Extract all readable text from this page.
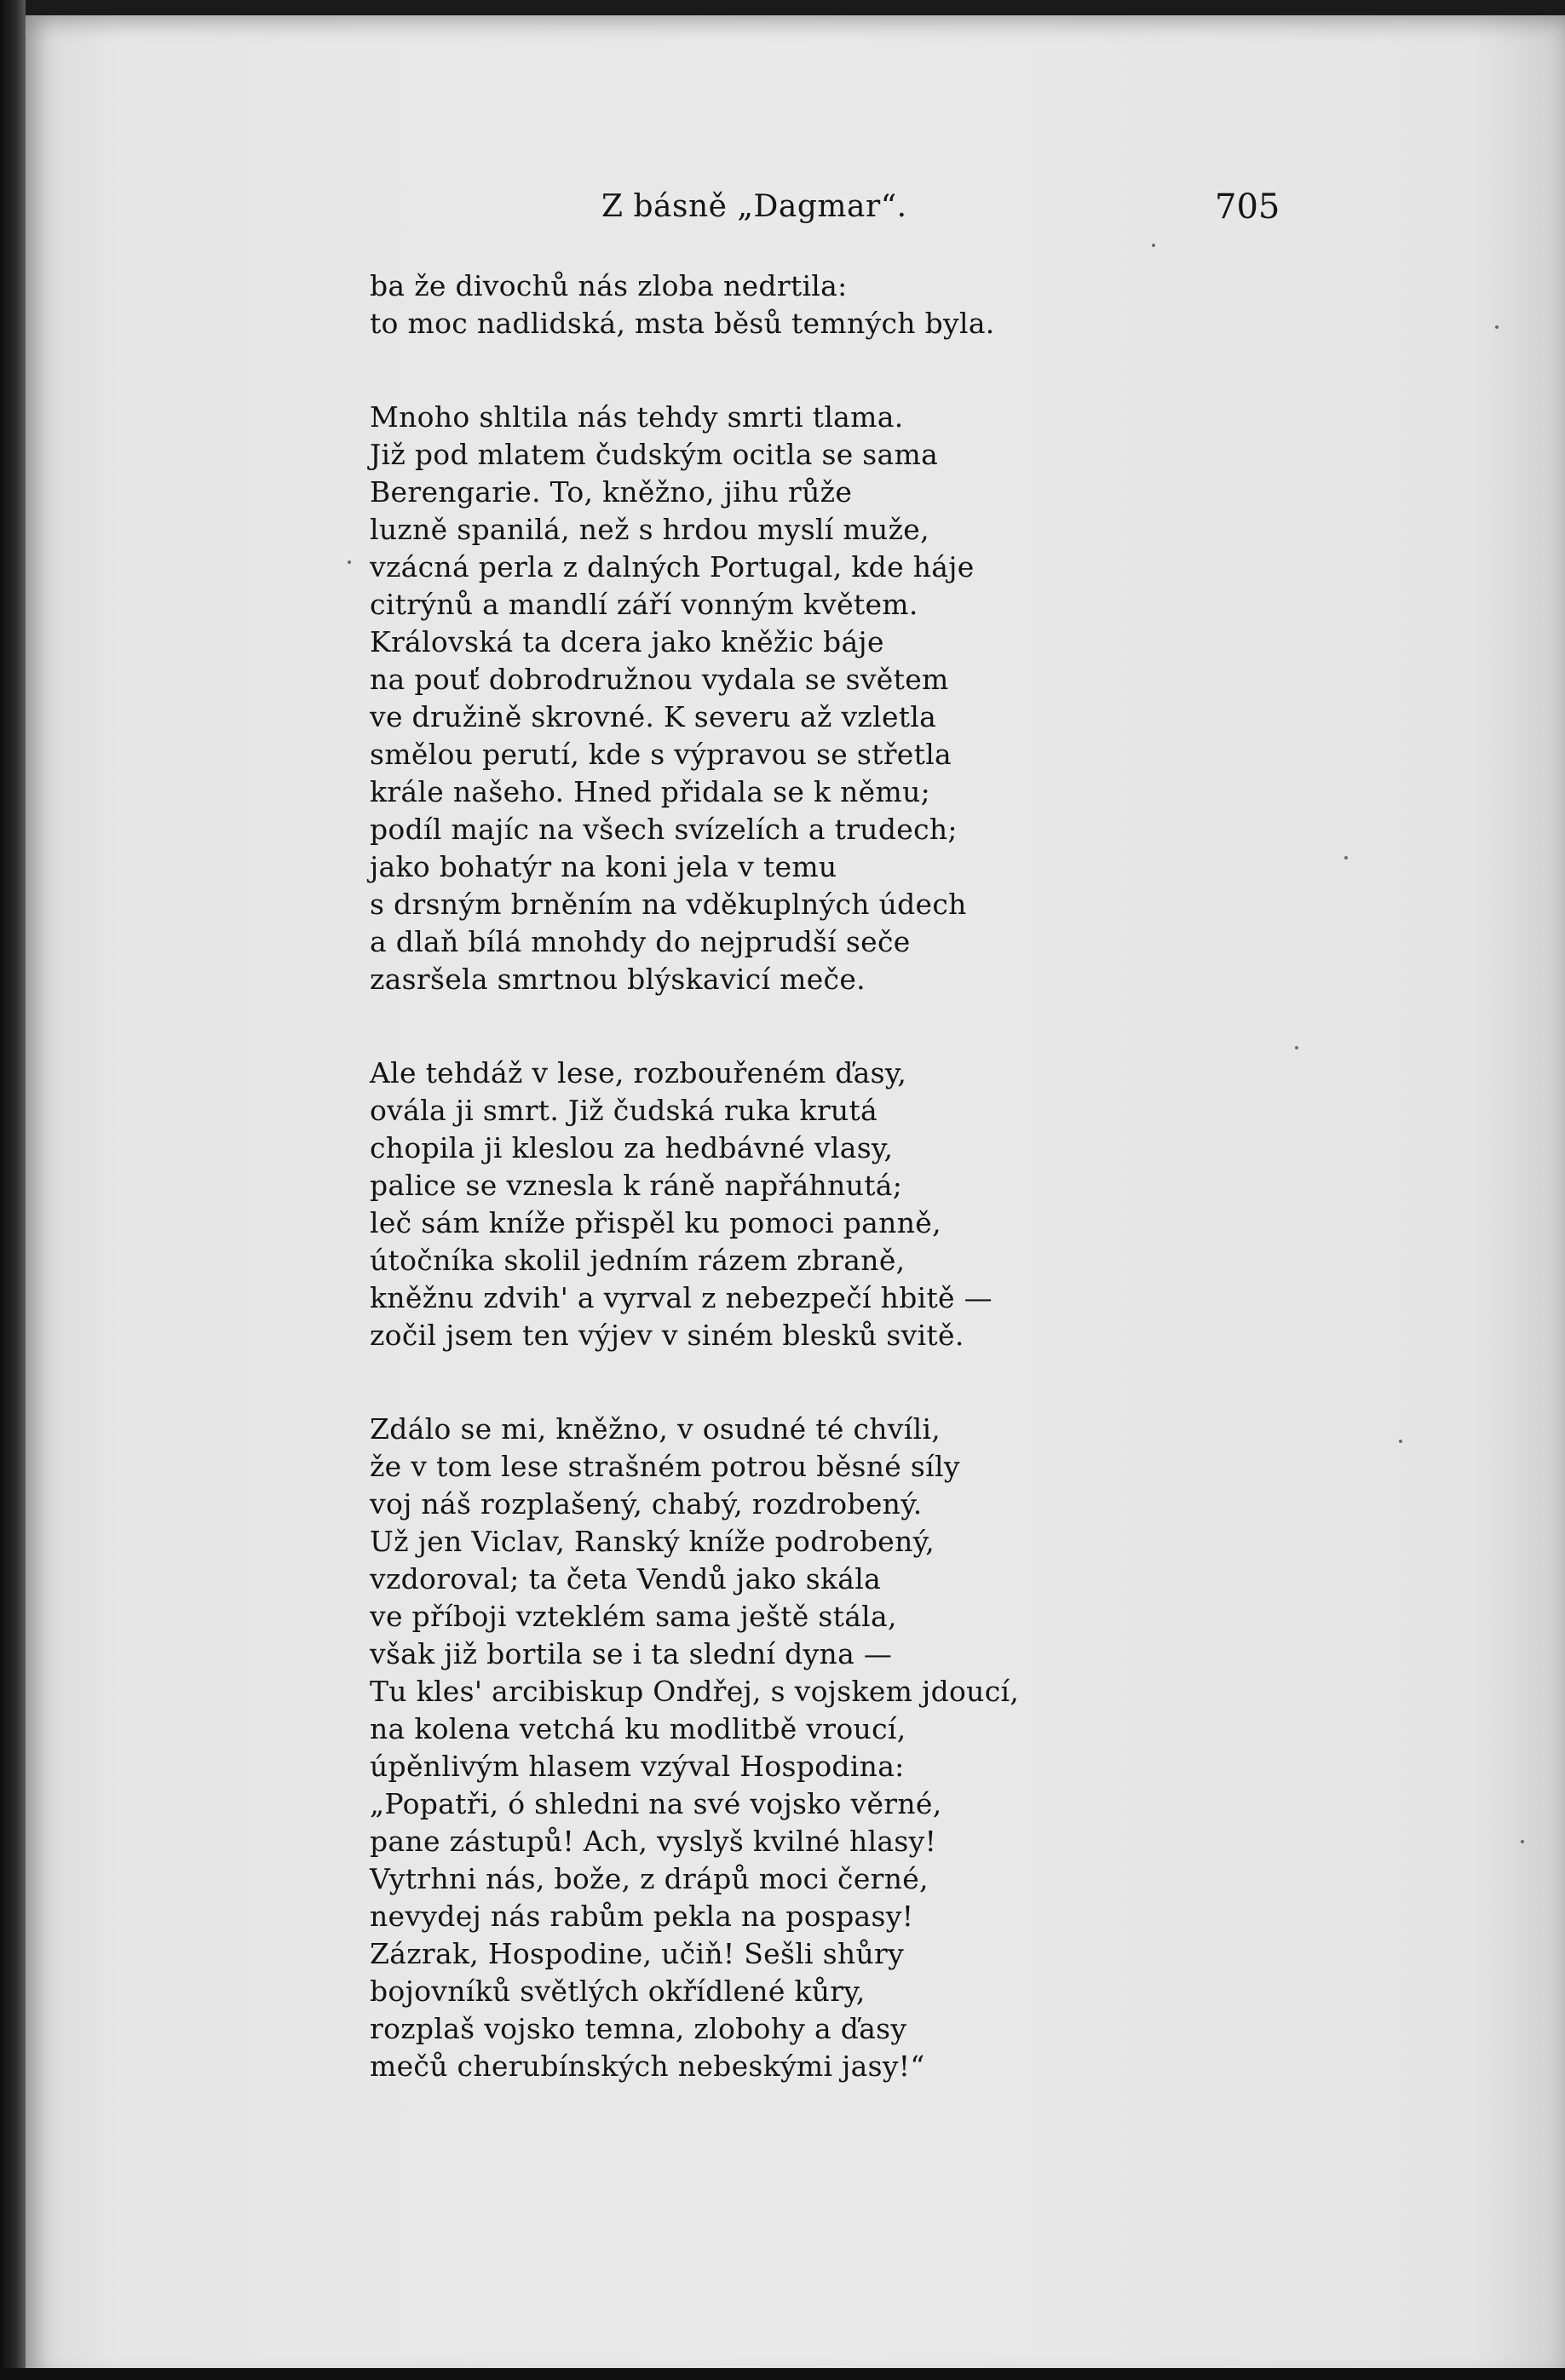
Z básně „Dagmar“.	705
ba že divochů nás zloba nedrtila:
to moc nadlidská, msta běsů temných byla.
Mnoho shltila nás tehdy smrti tlama.
Již pod mlatem čudským ocitla se sama
Berengarie. To, kněžno, jihu růže
luzně spanilá, než s hrdou myslí muže,
vzácná perla z dalných Portugal, kde háje
citrýnů a mandlí září vonným květem.
Královská ta dcera jako kněžic báje
na pouť dobrodružnou vydala se světem
ve družině skrovné. K severu až vzletla
smělou perutí, kde s výpravou se střetla
krále našeho. Hned přidala se k němu;
podíl majíc na všech svízelích a trudech;
jako bohatýr na koni jela v temu
s drsným brněním na vděkuplných údech
a dlaň bílá mnohdy do nejprudší seče
zasršela smrtnou blýskavicí meče.
Ale tehdáž v lese, rozbouřeném ďasy,
ovála ji smrt. Již čudská ruka krutá
chopila ji kleslou za hedbávné vlasy,
palice se vznesla k ráně napřáhnutá;
leč sám kníže přispěl ku pomoci panně,
útočníka skolil jedním rázem zbraně,
kněžnu zdvih' a vyrval z nebezpečí hbitě —
zočil jsem ten výjev v siném blesků svitě.
Zdálo se mi, kněžno, v osudné té chvíli,
že v tom lese strašném potrou běsné síly
voj náš rozplašený, chabý, rozdrobený.
Už jen Viclav, Ranský kníže podrobený,
vzdoroval; ta četa Vendů jako skála
ve příboji vzteklém sama ještě stála,
však již bortila se i ta slední dyna —
Tu kles' arcibiskup Ondřej, s vojskem jdoucí,
na kolena vetchá ku modlitbě vroucí,
úpěnlivým hlasem vzýval Hospodina:
„Popatři, ó shledni na své vojsko věrné,
pane zástupů! Ach, vyslyš kvilné hlasy!
Vytrhni nás, bože, z drápů moci černé,
nevydej nás rabům pekla na pospasy!
Zázrak, Hospodine, učiň! Sešli shůry
bojovníků světlých okřídlené kůry,
rozplaš vojsko temna, zlobohy a ďasy
mečů cherubínských nebeskými jasy!“
